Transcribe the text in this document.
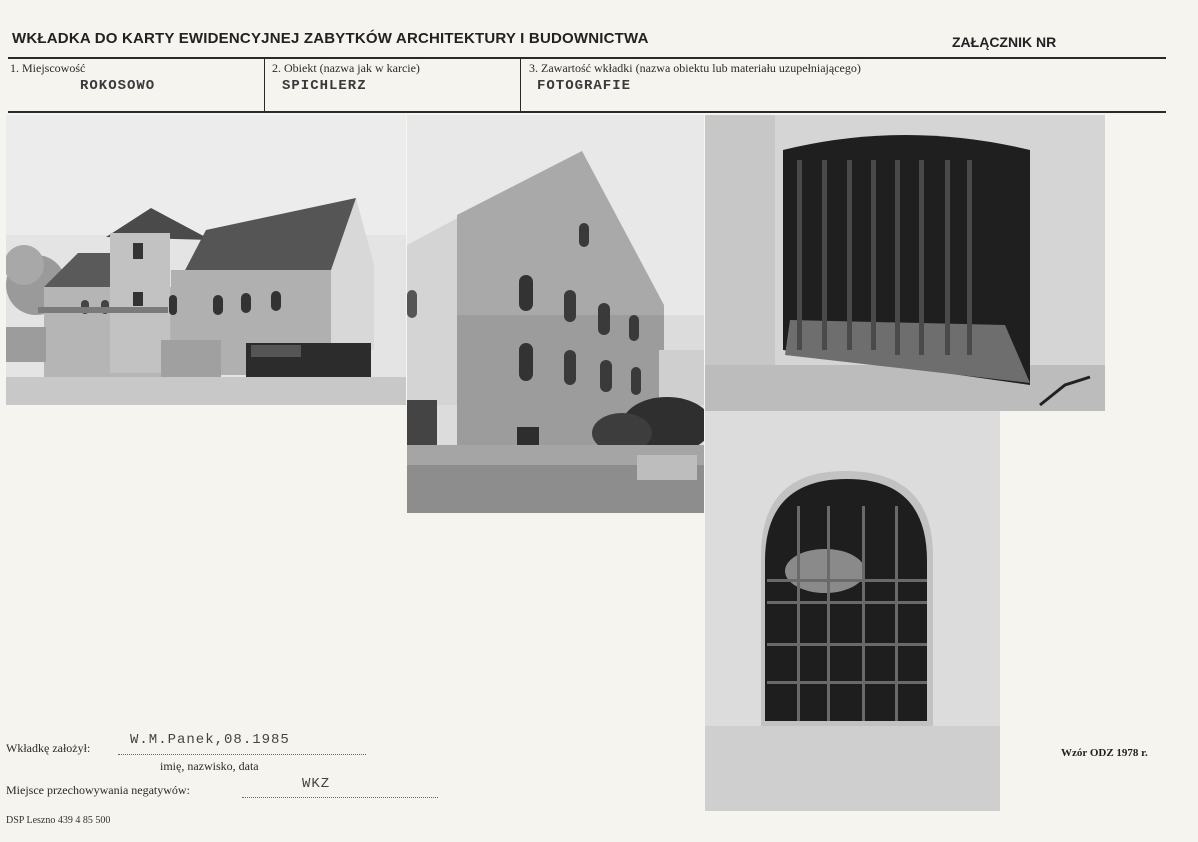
WKŁADKA DO KARTY EWIDENCYJNEJ ZABYTKÓW ARCHITEKTURY I BUDOWNICTWA	ZAŁĄCZNIK NR
1. Miejscowość
ROKOSOWO
2. Obiekt (nazwa jak w karcie)
SPICHLERZ
3. Zawartość wkładki (nazwa obiektu lub materiału uzupełniającego)
FOTOGRAFIE
Wkładkę założył:	W.M.Panek,08.1985
imię, nazwisko, data
Miejsce przechowywania negatywów:	WKZ
DSP Leszno 439 4 85 500
Wzór ODZ 1978 r.
